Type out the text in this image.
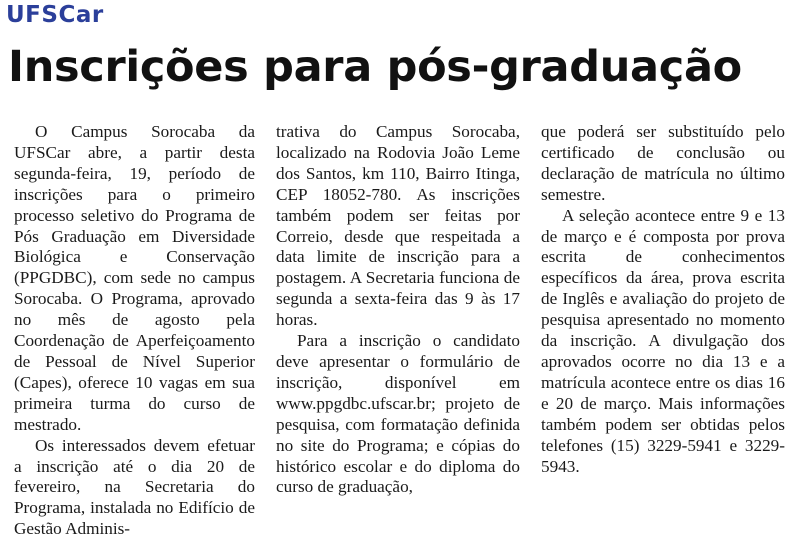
UFSCar
Inscrições para pós-graduação

O Campus Sorocaba da UFSCar abre, a partir desta segunda-feira, 19, período de inscrições para o primeiro processo seletivo do Programa de Pós Graduação em Diversidade Biológica e Conservação (PPGDBC), com sede no campus Sorocaba. O Programa, aprovado no mês de agosto pela Coordenação de Aperfeiçoamento de Pessoal de Nível Superior (Capes), oferece 10 vagas em sua primeira turma do curso de mestrado.

Os interessados devem efetuar a inscrição até o dia 20 de fevereiro, na Secretaria do Programa, instalada no Edifício de Gestão Adminis-

trativa do Campus Sorocaba, localizado na Rodovia João Leme dos Santos, km 110, Bairro Itinga, CEP 18052-780. As inscrições também podem ser feitas por Correio, desde que respeitada a data limite de inscrição para a postagem. A Secretaria funciona de segunda a sexta-feira das 9 às 17 horas.

Para a inscrição o candidato deve apresentar o formulário de inscrição, disponível em www.ppgdbc.ufscar.br; projeto de pesquisa, com formatação definida no site do Programa; e cópias do histórico escolar e do diploma do curso de graduação,

que poderá ser substituído pelo certificado de conclusão ou declaração de matrícula no último semestre.

A seleção acontece entre 9 e 13 de março e é composta por prova escrita de conhecimentos específicos da área, prova escrita de Inglês e avaliação do projeto de pesquisa apresentado no momento da inscrição. A divulgação dos aprovados ocorre no dia 13 e a matrícula acontece entre os dias 16 e 20 de março. Mais informações também podem ser obtidas pelos telefones (15) 3229-5941 e 3229-5943.
